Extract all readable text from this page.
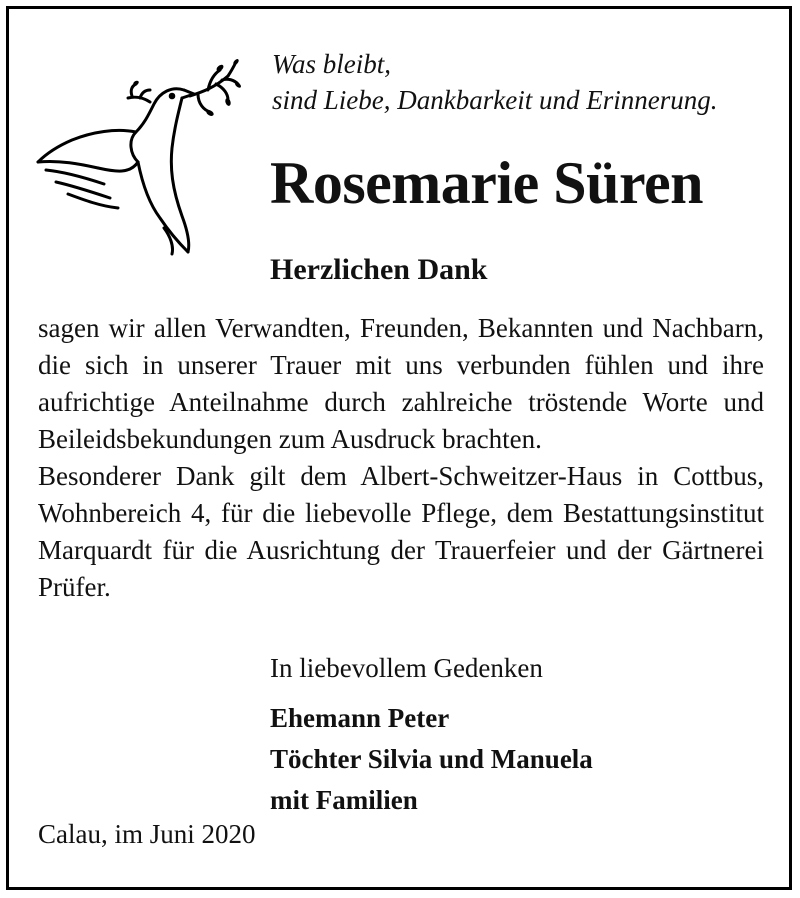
Was bleibt,
sind Liebe, Dankbarkeit und Erinnerung.
Rosemarie Süren
Herzlichen Dank
sagen wir allen Verwandten, Freunden, Bekannten und Nachbarn, die sich in unserer Trauer mit uns verbunden fühlen und ihre aufrichtige Anteilnahme durch zahlreiche tröstende Worte und Beileidsbekundungen zum Ausdruck brachten.
Besonderer Dank gilt dem Albert-Schweitzer-Haus in Cottbus, Wohnbereich 4, für die liebevolle Pflege, dem Bestattungsinstitut Marquardt für die Ausrichtung der Trauerfeier und der Gärtnerei Prüfer.
In liebevollem Gedenken
Ehemann Peter
Töchter Silvia und Manuela
mit Familien
Calau, im Juni 2020
